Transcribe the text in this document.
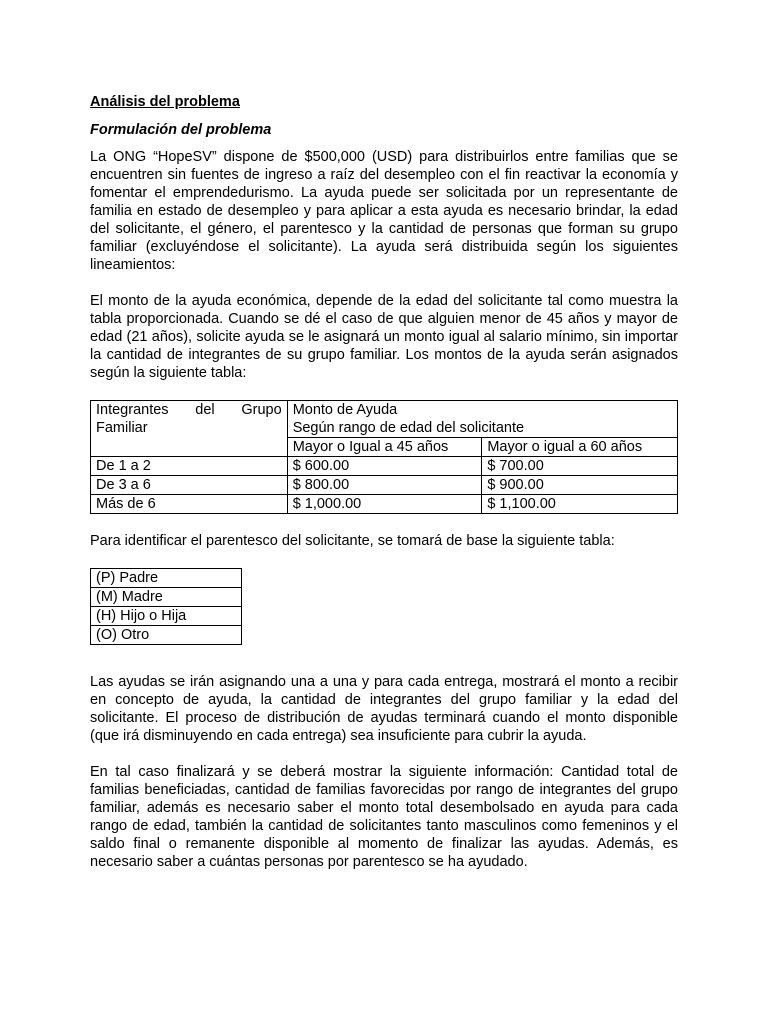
Análisis del problema
Formulación del problema

La ONG “HopeSV” dispone de $500,000 (USD) para distribuirlos entre familias que se encuentren sin fuentes de ingreso a raíz del desempleo con el fin reactivar la economía y fomentar el emprendedurismo. La ayuda puede ser solicitada por un representante de familia en estado de desempleo y para aplicar a esta ayuda es necesario brindar, la edad del solicitante, el género, el parentesco y la cantidad de personas que forman su grupo familiar (excluyéndose el solicitante). La ayuda será distribuida según los siguientes lineamientos:

El monto de la ayuda económica, depende de la edad del solicitante tal como muestra la tabla proporcionada. Cuando se dé el caso de que alguien menor de 45 años y mayor de edad (21 años), solicite ayuda se le asignará un monto igual al salario mínimo, sin importar la cantidad de integrantes de su grupo familiar. Los montos de la ayuda serán asignados según la siguiente tabla:

Integrantes del Grupo Familiar	Monto de Ayuda
Según rango de edad del solicitante	

	Mayor o Igual a 45 años	Mayor o igual a 60 años
De 1 a 2	$ 600.00	$ 700.00
De 3 a 6	$ 800.00	$ 900.00
Más de 6	$ 1,000.00	$ 1,100.00

Para identificar el parentesco del solicitante, se tomará de base la siguiente tabla:

(P) Padre
(M) Madre
(H) Hijo o Hija
(O) Otro

Las ayudas se irán asignando una a una y para cada entrega, mostrará el monto a recibir en concepto de ayuda, la cantidad de integrantes del grupo familiar y la edad del solicitante. El proceso de distribución de ayudas terminará cuando el monto disponible (que irá disminuyendo en cada entrega) sea insuficiente para cubrir la ayuda.

En tal caso finalizará y se deberá mostrar la siguiente información: Cantidad total de familias beneficiadas, cantidad de familias favorecidas por rango de integrantes del grupo familiar, además es necesario saber el monto total desembolsado en ayuda para cada rango de edad, también la cantidad de solicitantes tanto masculinos como femeninos y el saldo final o remanente disponible al momento de finalizar las ayudas. Además, es necesario saber a cuántas personas por parentesco se ha ayudado.
